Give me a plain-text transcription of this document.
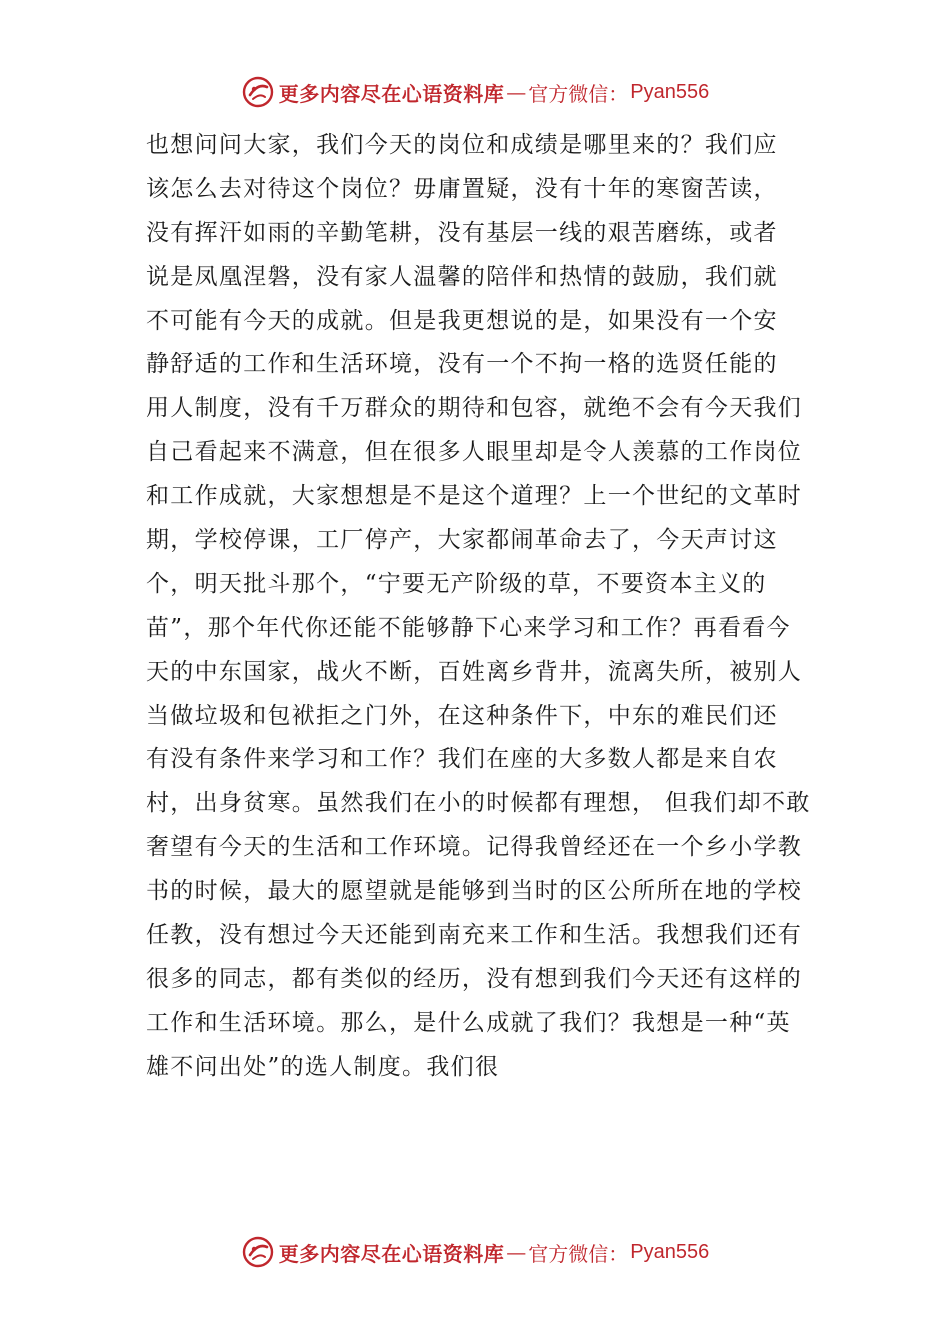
更多内容尽在心语资料库 — 官方微信： Pyan556
也想问问大家，我们今天的岗位和成绩是哪里来的？我们应
该怎么去对待这个岗位？毋庸置疑，没有十年的寒窗苦读，
没有挥汗如雨的辛勤笔耕，没有基层一线的艰苦磨练，或者
说是凤凰涅磐，没有家人温馨的陪伴和热情的鼓励，我们就
不可能有今天的成就。但是我更想说的是，如果没有一个安
静舒适的工作和生活环境，没有一个不拘一格的选贤任能的
用人制度，没有千万群众的期待和包容，就绝不会有今天我们
自己看起来不满意，但在很多人眼里却是令人羡慕的工作岗位
和工作成就，大家想想是不是这个道理？上一个世纪的文革时
期，学校停课，工厂停产，大家都闹革命去了，今天声讨这
个，明天批斗那个，“宁要无产阶级的草，不要资本主义的
苗”，那个年代你还能不能够静下心来学习和工作？再看看今
天的中东国家，战火不断，百姓离乡背井，流离失所，被别人
当做垃圾和包袱拒之门外，在这种条件下，中东的难民们还
有没有条件来学习和工作？我们在座的大多数人都是来自农
村，出身贫寒。虽然我们在小的时候都有理想， 但我们却不敢
奢望有今天的生活和工作环境。记得我曾经还在一个乡小学教
书的时候，最大的愿望就是能够到当时的区公所所在地的学校
任教，没有想过今天还能到南充来工作和生活。我想我们还有
很多的同志，都有类似的经历，没有想到我们今天还有这样的
工作和生活环境。那么，是什么成就了我们？我想是一种“英
雄不问出处”的选人制度。我们很
更多内容尽在心语资料库 — 官方微信： Pyan556
